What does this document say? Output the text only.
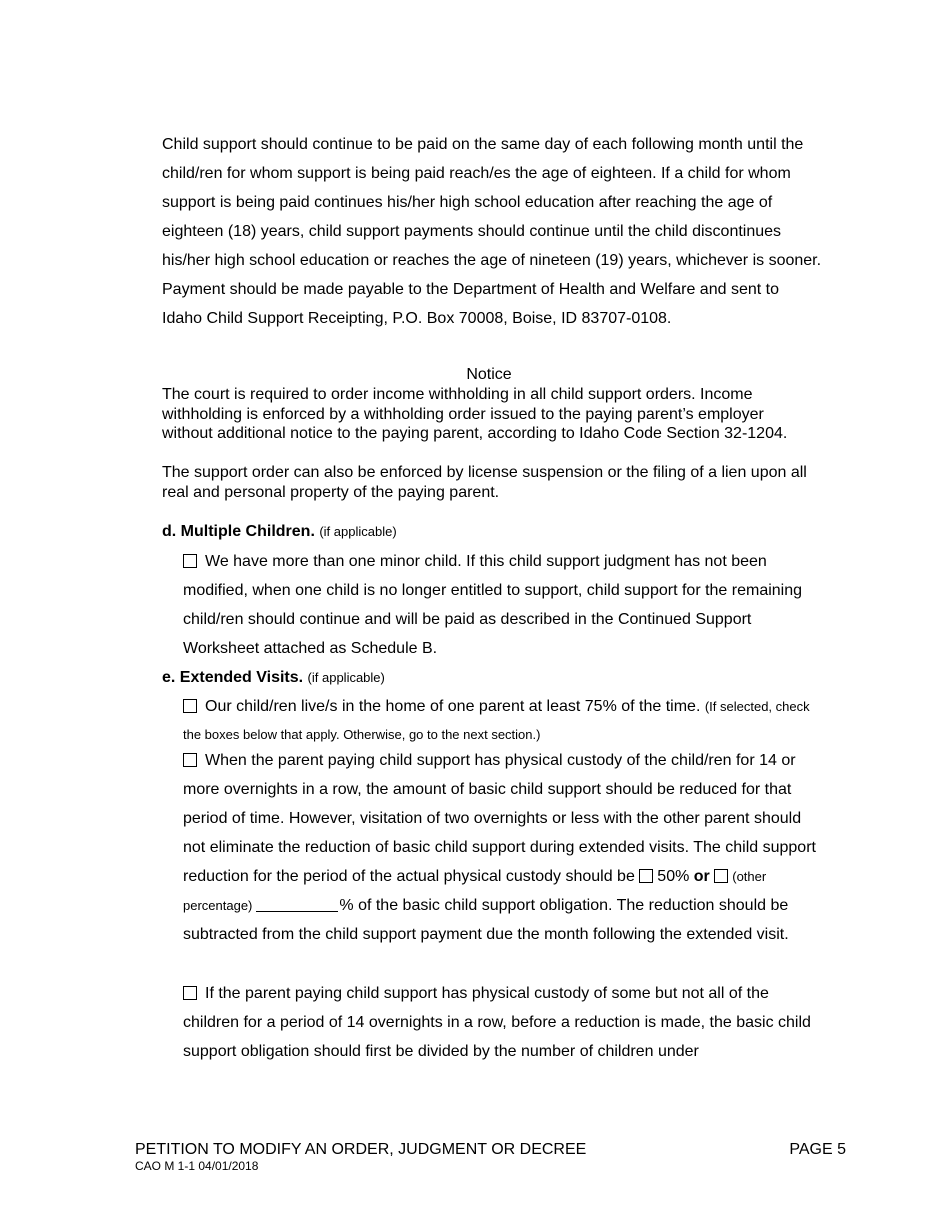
Child support should continue to be paid on the same day of each following month until the child/ren for whom support is being paid reach/es the age of eighteen. If a child for whom support is being paid continues his/her high school education after reaching the age of eighteen (18) years, child support payments should continue until the child discontinues his/her high school education or reaches the age of nineteen (19) years, whichever is sooner. Payment should be made payable to the Department of Health and Welfare and sent to Idaho Child Support Receipting, P.O. Box 70008, Boise, ID 83707-0108.

Notice

The court is required to order income withholding in all child support orders. Income withholding is enforced by a withholding order issued to the paying parent’s employer without additional notice to the paying parent, according to Idaho Code Section 32-1204.

The support order can also be enforced by license suspension or the filing of a lien upon all real and personal property of the paying parent.

d. Multiple Children. (if applicable)

We have more than one minor child. If this child support judgment has not been modified, when one child is no longer entitled to support, child support for the remaining child/ren should continue and will be paid as described in the Continued Support Worksheet attached as Schedule B.

e. Extended Visits. (if applicable)

Our child/ren live/s in the home of one parent at least 75% of the time. (If selected, check the boxes below that apply. Otherwise, go to the next section.)

When the parent paying child support has physical custody of the child/ren for 14 or more overnights in a row, the amount of basic child support should be reduced for that period of time. However, visitation of two overnights or less with the other parent should not eliminate the reduction of basic child support during extended visits. The child support reduction for the period of the actual physical custody should be 50% or (other percentage)	% of the basic child support obligation. The reduction should be subtracted from the child support payment due the month following the extended visit.

If the parent paying child support has physical custody of some but not all of the children for a period of 14 overnights in a row, before a reduction is made, the basic child support obligation should first be divided by the number of children under

PETITION TO MODIFY AN ORDER, JUDGMENT OR DECREE
CAO M 1-1 04/01/2018
PAGE 5
